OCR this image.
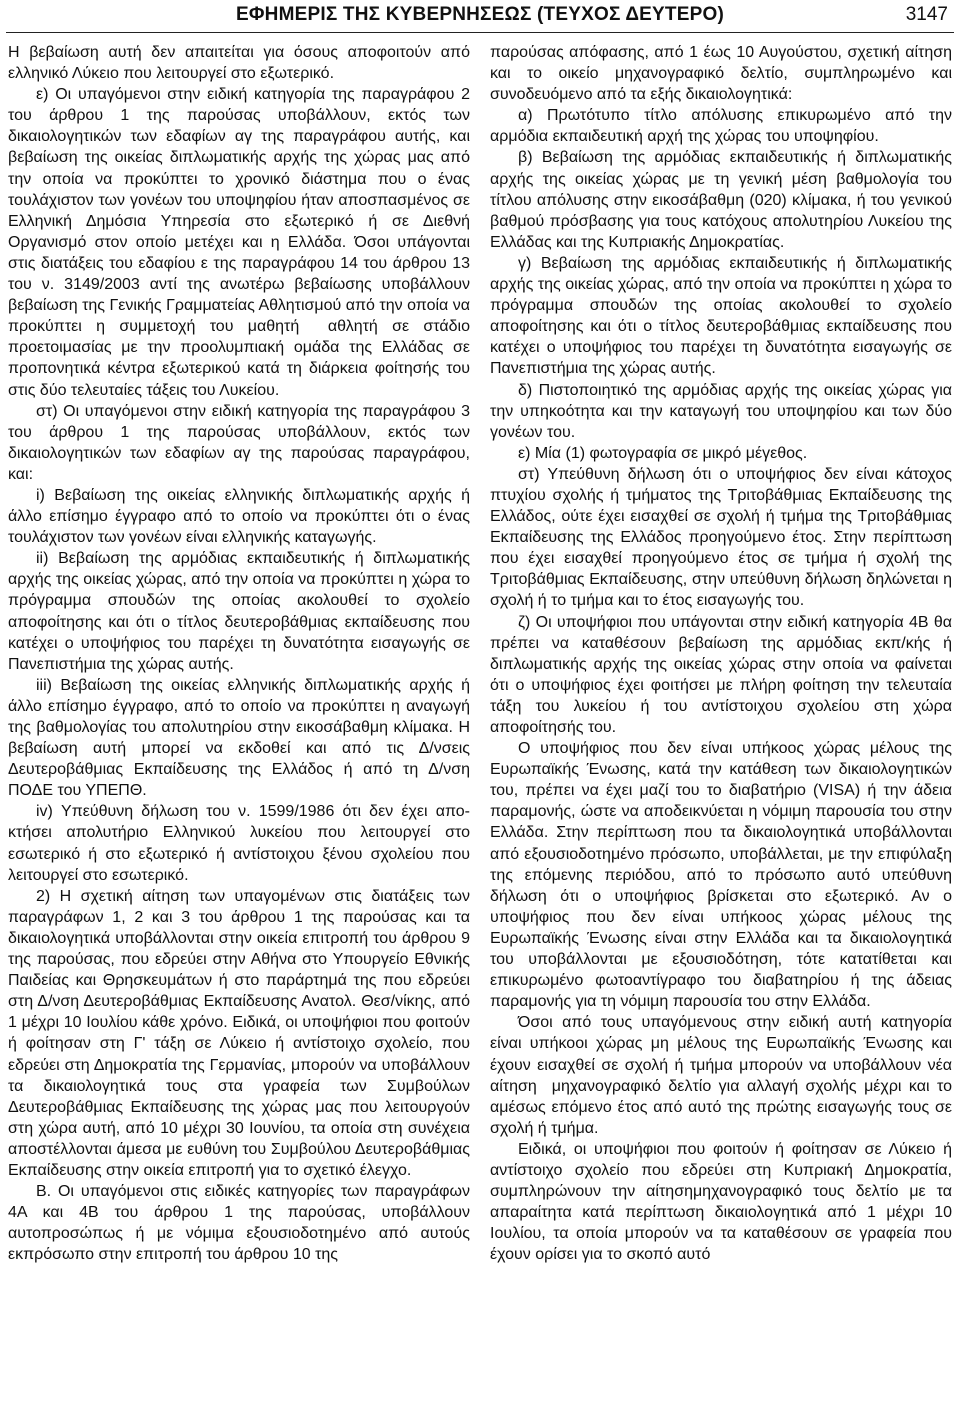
ΕΦΗΜΕΡΙΣ ΤΗΣ ΚΥΒΕΡΝΗΣΕΩΣ (ΤΕΥΧΟΣ ΔΕΥΤΕΡΟ)	3147

Η βεβαίωση αυτή δεν απαιτείται για όσους αποφοιτούν από ελληνικό Λύκειο που λειτουργεί στο εξωτερικό.

ε) Οι υπαγόμενοι στην ειδική κατηγορία της παραγράφου 2 του άρθρου 1 της παρούσας υποβάλλουν, εκτός των δικαιολογητικών των εδαφίων αγ της παραγράφου αυτής, και βεβαίωση της οικείας διπλωματικής αρχής της χώρας μας από την οποία να προκύπτει το χρονικό διάστημα που ο ένας τουλάχιστον των γονέων του υποψηφίου ήταν αποσπασμένος σε Ελληνική Δημόσια Υπηρεσία στο εξωτερικό ή σε Διεθνή Οργανισμό στον οποίο μετέχει και η Ελλάδα. Όσοι υπάγονται στις διατάξεις του εδαφίου ε της παραγράφου 14 του άρθρου 13 του ν. 3149/2003 αντί της ανωτέρω βεβαίωσης υποβάλλουν βεβαίωση της Γενικής Γραμματείας Αθλητισμού από την οποία να προκύπτει η συμμετοχή του μαθητή αθλητή σε στάδιο προετοιμασίας με την προολυμπιακή ομάδα της Ελλάδας σε προπονητικά κέντρα εξωτερικού κατά τη διάρκεια φοίτησής του στις δύο τελευταίες τάξεις του Λυκείου.

στ) Οι υπαγόμενοι στην ειδική κατηγορία της παραγράφου 3 του άρθρου 1 της παρούσας υποβάλλουν, εκτός των δικαιολογητικών των εδαφίων αγ της παρούσας παραγράφου, και:

i) Βεβαίωση της οικείας ελληνικής διπλωματικής αρχής ή άλλο επίσημο έγγραφο από το οποίο να προκύπτει ότι ο ένας τουλάχιστον των γονέων είναι ελληνικής καταγωγής.

ii) Βεβαίωση της αρμόδιας εκπαιδευτικής ή διπλωματικής αρχής της οικείας χώρας, από την οποία να προκύπτει η χώρα το πρόγραμμα σπουδών της οποίας ακολουθεί το σχολείο αποφοίτησης και ότι ο τίτλος δευτεροβάθμιας εκπαίδευσης που κατέχει ο υποψήφιος του παρέχει τη δυνατότητα εισαγωγής σε Πανεπιστήμια της χώρας αυτής.

iii) Βεβαίωση της οικείας ελληνικής διπλωματικής αρχής ή άλλο επίσημο έγγραφο, από το οποίο να προκύπτει η αναγωγή της βαθμολογίας του απολυτηρίου στην εικοσάβαθμη κλίμακα. Η βεβαίωση αυτή μπορεί να εκδοθεί και από τις Δ/νσεις Δευτεροβάθμιας Εκπαίδευσης της Ελλάδος ή από τη Δ/νση ΠΟΔΕ του ΥΠΕΠΘ.

iv) Υπεύθυνη δήλωση του ν. 1599/1986 ότι δεν έχει αποκτήσει απολυτήριο Ελληνικού λυκείου που λειτουργεί στο εσωτερικό ή στο εξωτερικό ή αντίστοιχου ξένου σχολείου που λειτουργεί στο εσωτερικό.

2) Η σχετική αίτηση των υπαγομένων στις διατάξεις των παραγράφων 1, 2 και 3 του άρθρου 1 της παρούσας και τα δικαιολογητικά υποβάλλονται στην οικεία επιτροπή του άρθρου 9 της παρούσας, που εδρεύει στην Αθήνα στο Υπουργείο Εθνικής Παιδείας και Θρησκευμάτων ή στο παράρτημά της που εδρεύει στη Δ/νση Δευτεροβάθμιας Εκπαίδευσης Ανατολ. Θεσ/νίκης, από 1 μέχρι 10 Ιουλίου κάθε χρόνο. Ειδικά, οι υποψήφιοι που φοιτούν ή φοίτησαν στη Γ' τάξη σε Λύκειο ή αντίστοιχο σχολείο, που εδρεύει στη Δημοκρατία της Γερμανίας, μπορούν να υποβάλλουν τα δικαιολογητικά τους στα γραφεία των Συμβούλων Δευτεροβάθμιας Εκπαίδευσης της χώρας μας που λειτουργούν στη χώρα αυτή, από 10 μέχρι 30 Ιουνίου, τα οποία στη συνέχεια αποστέλλονται άμεσα με ευθύνη του Συμβούλου Δευτεροβάθμιας Εκπαίδευσης στην οικεία επιτροπή για το σχετικό έλεγχο.

Β. Οι υπαγόμενοι στις ειδικές κατηγορίες των παραγράφων 4Α και 4Β του άρθρου 1 της παρούσας, υποβάλλουν αυτοπροσώπως ή με νόμιμα εξουσιοδοτημένο από αυτούς εκπρόσωπο στην επιτροπή του άρθρου 10 της

παρούσας απόφασης, από 1 έως 10 Αυγούστου, σχετική αίτηση και το οικείο μηχανογραφικό δελτίο, συμπληρωμένο και συνοδευόμενο από τα εξής δικαιολογητικά:

α) Πρωτότυπο τίτλο απόλυσης επικυρωμένο από την αρμόδια εκπαιδευτική αρχή της χώρας του υποψηφίου.

β) Βεβαίωση της αρμόδιας εκπαιδευτικής ή διπλωματικής αρχής της οικείας χώρας με τη γενική μέση βαθμολογία του τίτλου απόλυσης στην εικοσάβαθμη (020) κλίμακα, ή του γενικού βαθμού πρόσβασης για τους κατόχους απολυτηρίου Λυκείου της Ελλάδας και της Κυπριακής Δημοκρατίας.

γ) Βεβαίωση της αρμόδιας εκπαιδευτικής ή διπλωματικής αρχής της οικείας χώρας, από την οποία να προκύπτει η χώρα το πρόγραμμα σπουδών της οποίας ακολουθεί το σχολείο αποφοίτησης και ότι ο τίτλος δευτεροβάθμιας εκπαίδευσης που κατέχει ο υποψήφιος του παρέχει τη δυνατότητα εισαγωγής σε Πανεπιστήμια της χώρας αυτής.

δ) Πιστοποιητικό της αρμόδιας αρχής της οικείας χώρας για την υπηκοότητα και την καταγωγή του υποψηφίου και των δύο γονέων του.

ε) Μία (1) φωτογραφία σε μικρό μέγεθος.

στ) Υπεύθυνη δήλωση ότι ο υποψήφιος δεν είναι κάτοχος πτυχίου σχολής ή τμήματος της Τριτοβάθμιας Εκπαίδευσης της Ελλάδος, ούτε έχει εισαχθεί σε σχολή ή τμήμα της Τριτοβάθμιας Εκπαίδευσης της Ελλάδος προηγούμενο έτος. Στην περίπτωση που έχει εισαχθεί προηγούμενο έτος σε τμήμα ή σχολή της Τριτοβάθμιας Εκπαίδευσης, στην υπεύθυνη δήλωση δηλώνεται η σχολή ή το τμήμα και το έτος εισαγωγής του.

ζ) Οι υποψήφιοι που υπάγονται στην ειδική κατηγορία 4Β θα πρέπει να καταθέσουν βεβαίωση της αρμόδιας εκπ/κής ή διπλωματικής αρχής της οικείας χώρας στην οποία να φαίνεται ότι ο υποψήφιος έχει φοιτήσει με πλήρη φοίτηση την τελευταία τάξη του λυκείου ή του αντίστοιχου σχολείου στη χώρα αποφοίτησής του.

Ο υποψήφιος που δεν είναι υπήκοος χώρας μέλους της Ευρωπαϊκής Ένωσης, κατά την κατάθεση των δικαιολογητικών του, πρέπει να έχει μαζί του το διαβατήριο (VISA) ή την άδεια παραμονής, ώστε να αποδεικνύεται η νόμιμη παρουσία του στην Ελλάδα. Στην περίπτωση που τα δικαιολογητικά υποβάλλονται από εξουσιοδοτημένο πρόσωπο, υποβάλλεται, με την επιφύλαξη της επόμενης περιόδου, από το πρόσωπο αυτό υπεύθυνη δήλωση ότι ο υποψήφιος βρίσκεται στο εξωτερικό. Αν ο υποψήφιος που δεν είναι υπήκοος χώρας μέλους της Ευρωπαϊκής Ένωσης είναι στην Ελλάδα και τα δικαιολογητικά του υποβάλλονται με εξουσιοδότηση, τότε κατατίθεται και επικυρωμένο φωτοαντίγραφο του διαβατηρίου ή της άδειας παραμονής για τη νόμιμη παρουσία του στην Ελλάδα.

Όσοι από τους υπαγόμενους στην ειδική αυτή κατηγορία είναι υπήκοοι χώρας μη μέλους της Ευρωπαϊκής Ένωσης και έχουν εισαχθεί σε σχολή ή τμήμα μπορούν να υποβάλλουν νέα αίτηση μηχανογραφικό δελτίο για αλλαγή σχολής μέχρι και το αμέσως επόμενο έτος από αυτό της πρώτης εισαγωγής τους σε σχολή ή τμήμα.

Ειδικά, οι υποψήφιοι που φοιτούν ή φοίτησαν σε Λύκειο ή αντίστοιχο σχολείο που εδρεύει στη Κυπριακή Δημοκρατία, συμπληρώνουν την αίτησημηχανογραφικό τους δελτίο με τα απαραίτητα κατά περίπτωση δικαιολογητικά από 1 μέχρι 10 Ιουλίου, τα οποία μπορούν να τα καταθέσουν σε γραφεία που έχουν ορίσει για το σκοπό αυτό
